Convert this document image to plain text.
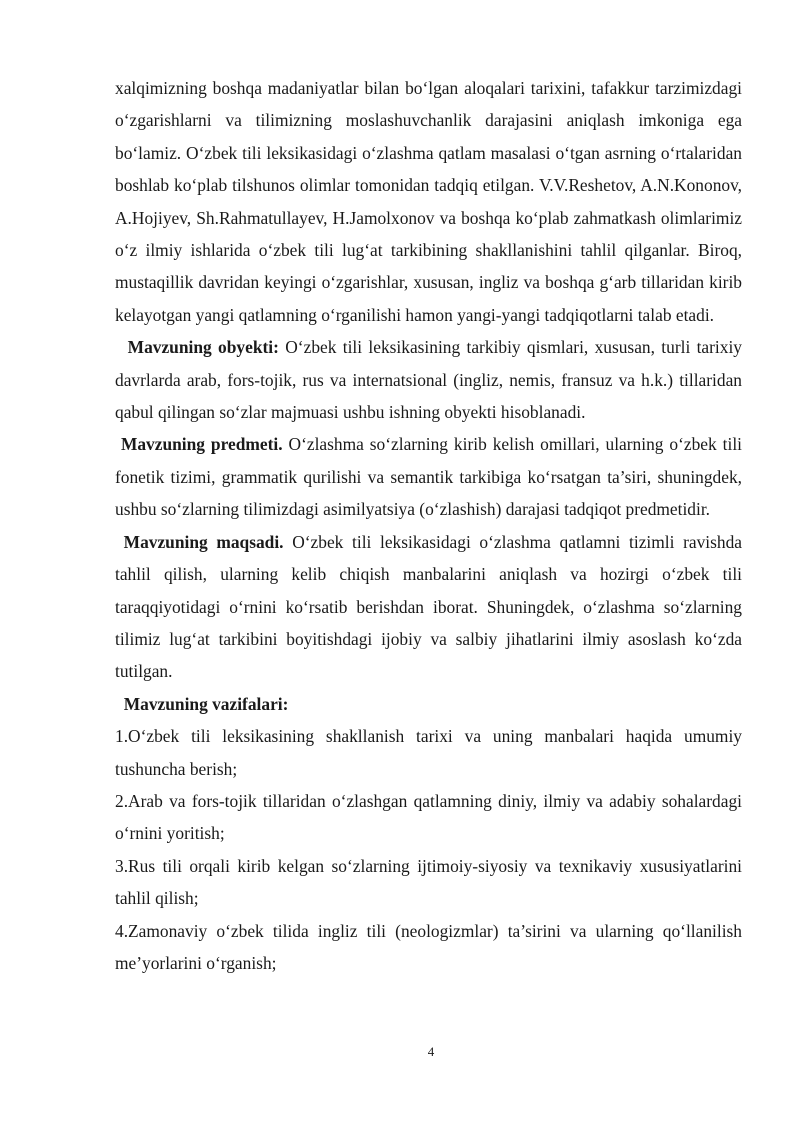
xalqimizning boshqa madaniyatlar bilan bo‘lgan aloqalari tarixini, tafakkur tarzimizdagi o‘zgarishlarni va tilimizning moslashuvchanlik darajasini aniqlash imkoniga ega bo‘lamiz. O‘zbek tili leksikasidagi o‘zlashma qatlam masalasi o‘tgan asrning o‘rtalaridan boshlab ko‘plab tilshunos olimlar tomonidan tadqiq etilgan. V.V.Reshetov, A.N.Kononov, A.Hojiyev, Sh.Rahmatullayev, H.Jamolxonov va boshqa ko‘plab zahmatkash olimlarimiz o‘z ilmiy ishlarida o‘zbek tili lug‘at tarkibining shakllanishini tahlil qilganlar. Biroq, mustaqillik davridan keyingi o‘zgarishlar, xususan, ingliz va boshqa g‘arb tillaridan kirib kelayotgan yangi qatlamning o‘rganilishi hamon yangi-yangi tadqiqotlarni talab etadi.

Mavzuning obyekti: O‘zbek tili leksikasining tarkibiy qismlari, xususan, turli tarixiy davrlarda arab, fors-tojik, rus va internatsional (ingliz, nemis, fransuz va h.k.) tillaridan qabul qilingan so‘zlar majmuasi ushbu ishning obyekti hisoblanadi.

Mavzuning predmeti. O‘zlashma so‘zlarning kirib kelish omillari, ularning o‘zbek tili fonetik tizimi, grammatik qurilishi va semantik tarkibiga ko‘rsatgan ta’siri, shuningdek, ushbu so‘zlarning tilimizdagi asimilyatsiya (o‘zlashish) darajasi tadqiqot predmetidir.

Mavzuning maqsadi. O‘zbek tili leksikasidagi o‘zlashma qatlamni tizimli ravishda tahlil qilish, ularning kelib chiqish manbalarini aniqlash va hozirgi o‘zbek tili taraqqiyotidagi o‘rnini ko‘rsatib berishdan iborat. Shuningdek, o‘zlashma so‘zlarning tilimiz lug‘at tarkibini boyitishdagi ijobiy va salbiy jihatlarini ilmiy asoslash ko‘zda tutilgan.

Mavzuning vazifalari:

1.O‘zbek tili leksikasining shakllanish tarixi va uning manbalari haqida umumiy tushuncha berish;

2.Arab va fors-tojik tillaridan o‘zlashgan qatlamning diniy, ilmiy va adabiy sohalardagi o‘rnini yoritish;

3.Rus tili orqali kirib kelgan so‘zlarning ijtimoiy-siyosiy va texnikaviy xususiyatlarini tahlil qilish;

4.Zamonaviy o‘zbek tilida ingliz tili (neologizmlar) ta’sirini va ularning qo‘llanilish me’yorlarini o‘rganish;

4
